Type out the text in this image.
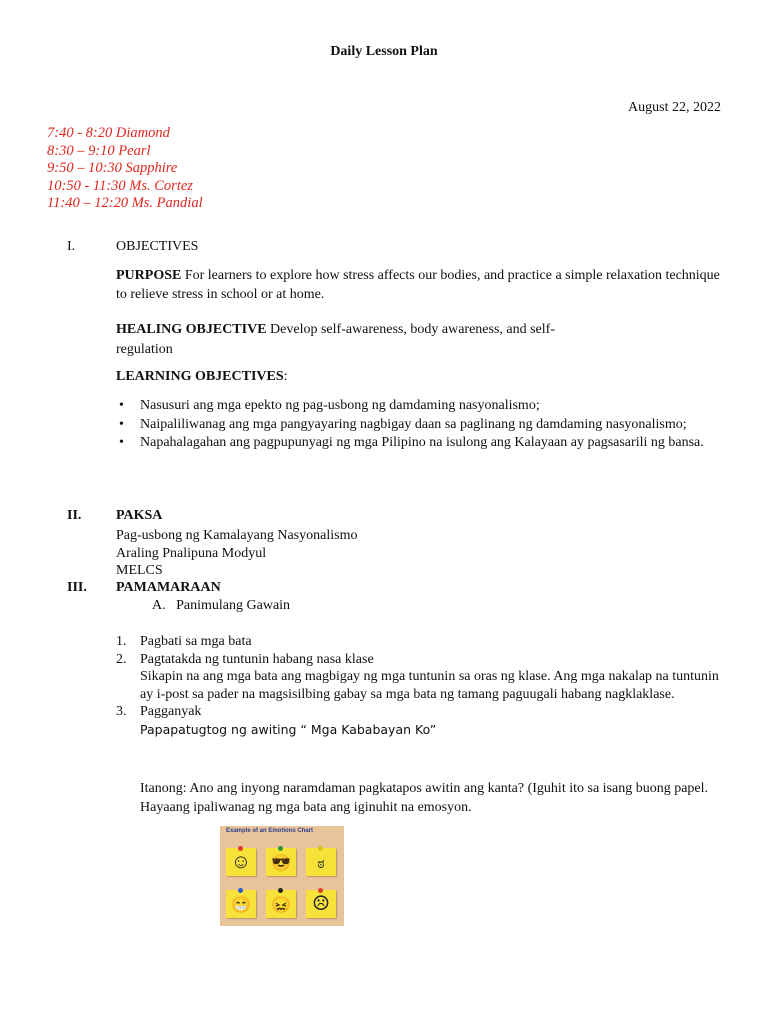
Daily Lesson Plan
August 22, 2022
7:40 - 8:20 Diamond
8:30 – 9:10 Pearl
9:50 – 10:30 Sapphire
10:50 - 11:30 Ms. Cortez
11:40 – 12:20 Ms. Pandial
I.	OBJECTIVES
PURPOSE For learners to explore how stress affects our bodies, and practice a simple relaxation technique to relieve stress in school or at home.
HEALING OBJECTIVE Develop self-awareness, body awareness, and self-
regulation
LEARNING OBJECTIVES:
• Nasusuri ang mga epekto ng pag-usbong ng damdaming nasyonalismo;
• Naipaliliwanag ang mga pangyayaring nagbigay daan sa paglinang ng damdaming nasyonalismo;
• Napahalagahan ang pagpupunyagi ng mga Pilipino na isulong ang Kalayaan ay pagsasarili ng bansa.
II. PAKSA
Pag-usbong ng Kamalayang Nasyonalismo
Araling Pnalipuna Modyul
MELCS
III. PAMAMARAAN
A. Panimulang Gawain
1. Pagbati sa mga bata
2. Pagtatakda ng tuntunin habang nasa klase
Sikapin na ang mga bata ang magbigay ng mga tuntunin sa oras ng klase. Ang mga nakalap na tuntunin ay i-post sa pader na magsisilbing gabay sa mga bata ng tamang paguugali habang nagklaklase.
3. Pagganyak
Papapatugtog ng awiting “ Mga Kababayan Ko”
Itanong: Ano ang inyong naramdaman pagkatapos awitin ang kanta? (Iguhit ito sa isang buong papel. Hayaang ipaliwanag ng mga bata ang iginuhit na emosyon.
Example of an Emotions Chart
☺	😎	ಠ
😁	😖	☹
